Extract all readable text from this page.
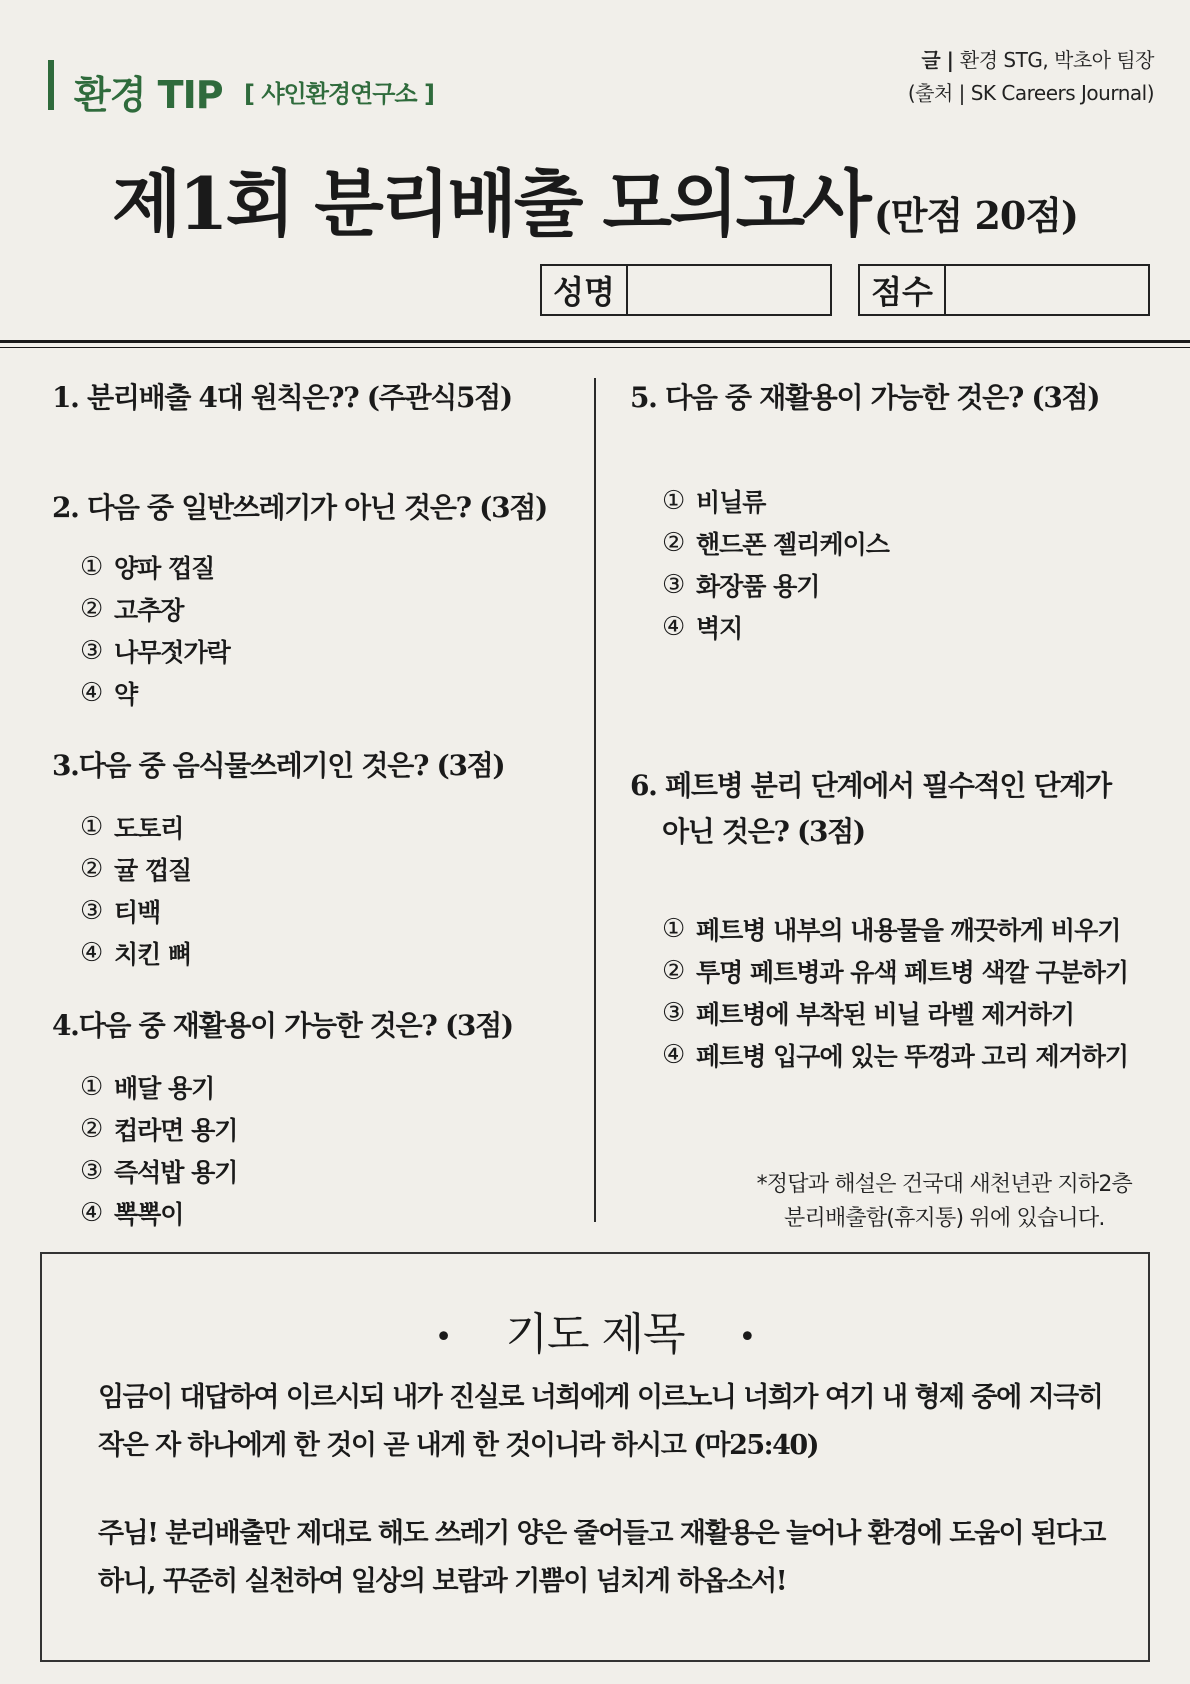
환경 TIP [ 샤인환경연구소 ]
글 | 환경 STG, 박초아 팀장
(출처 | SK Careers Journal)
제1회 분리배출 모의고사 (만점 20점)
성명	점수
1. 분리배출 4대 원칙은?? (주관식5점)
2. 다음 중 일반쓰레기가 아닌 것은? (3점)
① 양파 껍질
② 고추장
③ 나무젓가락
④ 약
3.다음 중 음식물쓰레기인 것은? (3점)
① 도토리
② 귤 껍질
③ 티백
④ 치킨 뼈
4.다음 중 재활용이 가능한 것은? (3점)
① 배달 용기
② 컵라면 용기
③ 즉석밥 용기
④ 뽁뽁이
5. 다음 중 재활용이 가능한 것은? (3점)
① 비닐류
② 핸드폰 젤리케이스
③ 화장품 용기
④ 벽지
6. 페트병 분리 단계에서 필수적인 단계가
아닌 것은? (3점)
① 페트병 내부의 내용물을 깨끗하게 비우기
② 투명 페트병과 유색 페트병 색깔 구분하기
③ 페트병에 부착된 비닐 라벨 제거하기
④ 페트병 입구에 있는 뚜껑과 고리 제거하기
*정답과 해설은 건국대 새천년관 지하2층
분리배출함(휴지통) 위에 있습니다.
• 기도 제목 •
임금이 대답하여 이르시되 내가 진실로 너희에게 이르노니 너희가 여기 내 형제 중에 지극히
작은 자 하나에게 한 것이 곧 내게 한 것이니라 하시고 (마25:40)
주님! 분리배출만 제대로 해도 쓰레기 양은 줄어들고 재활용은 늘어나 환경에 도움이 된다고
하니, 꾸준히 실천하여 일상의 보람과 기쁨이 넘치게 하옵소서!
